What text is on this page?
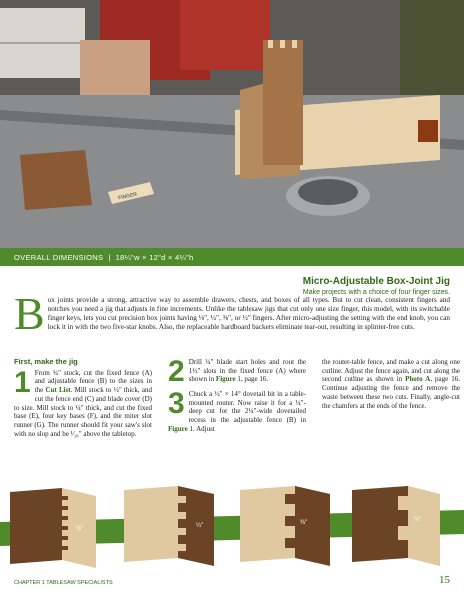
FINGER
OVERALL DIMENSIONS | 18¼"w × 12"d × 4¼"h
Micro-Adjustable Box-Joint Jig
Make projects with a choice of four finger sizes.
Box joints provide a strong, attractive way to assemble drawers, chests, and boxes of all types. But to cut clean, consistent fingers and notches you need a jig that adjusts in fine increments. Unlike the tablesaw jigs that cut only one size finger, this model, with its switchable finger keys, lets you cut precision box joints having ⅛", ¼", ⅜", or ½" fingers. After micro-adjusting the setting with the end knob, you can lock it in with the two five-star knobs. Also, the replaceable hardboard backers eliminate tear-out, resulting in splinter-free cuts.
First, make the jig
1 From ¾" stock, cut the fixed fence (A) and adjustable fence (B) to the sizes in the Cut List. Mill stock to ½" thick, and cut the fence end (C) and blade cover (D) to size. Mill stock to ¼" thick, and cut the fixed base (E), four key bases (F), and the miter slot runner (G). The runner should fit your saw's slot with no slop and be ¹⁄₁₆" above the tabletop.
2 Drill ¼" blade start holes and rout the 1½" slots in the fixed fence (A) where shown in Figure 1, page 16.
3 Chuck a ½" × 14° dovetail bit in a table-mounted router. Now raise it for a ¼"-deep cut for the 2¼"-wide dovetailed recess in the adjustable fence (B) in Figure 1. Adjust
the router-table fence, and make a cut along one cutline. Adjust the fence again, and cut along the second cutline as shown in Photo A, page 16. Continue adjusting the fence and remove the waste between these two cuts. Finally, angle-cut the chamfers at the ends of the fence.
⅛"	¼"	⅜"	½"
CHAPTER 1 TABLESAW SPECIALISTS	15
